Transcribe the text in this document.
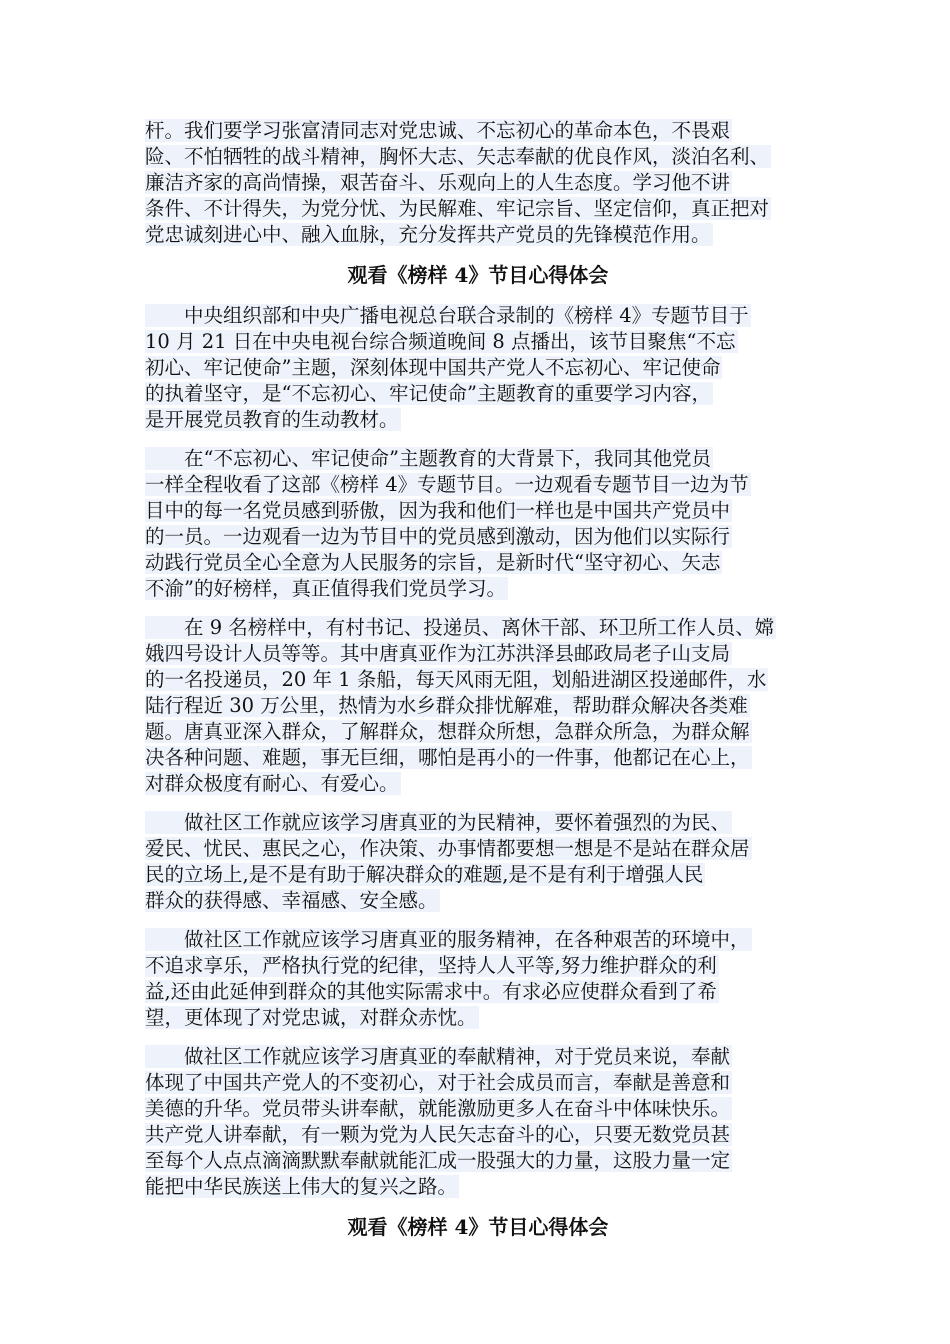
杆。我们要学习张富清同志对党忠诚、不忘初心的革命本色，不畏艰
险、不怕牺牲的战斗精神，胸怀大志、矢志奉献的优良作风，淡泊名利、
廉洁齐家的高尚情操，艰苦奋斗、乐观向上的人生态度。学习他不讲
条件、不计得失，为党分忧、为民解难、牢记宗旨、坚定信仰，真正把对
党忠诚刻进心中、融入血脉，充分发挥共产党员的先锋模范作用。
观看《榜样 4》节目心得体会
　　中央组织部和中央广播电视总台联合录制的《榜样 4》专题节目于
10 月 21 日在中央电视台综合频道晚间 8 点播出，该节目聚焦“不忘
初心、牢记使命”主题，深刻体现中国共产党人不忘初心、牢记使命
的执着坚守，是“不忘初心、牢记使命”主题教育的重要学习内容，
是开展党员教育的生动教材。
　　在“不忘初心、牢记使命”主题教育的大背景下，我同其他党员
一样全程收看了这部《榜样 4》专题节目。一边观看专题节目一边为节
目中的每一名党员感到骄傲，因为我和他们一样也是中国共产党员中
的一员。一边观看一边为节目中的党员感到激动，因为他们以实际行
动践行党员全心全意为人民服务的宗旨，是新时代“坚守初心、矢志
不渝”的好榜样，真正值得我们党员学习。
　　在 9 名榜样中，有村书记、投递员、离休干部、环卫所工作人员、嫦
娥四号设计人员等等。其中唐真亚作为江苏洪泽县邮政局老子山支局
的一名投递员，20 年 1 条船，每天风雨无阻，划船进湖区投递邮件，水
陆行程近 30 万公里，热情为水乡群众排忧解难，帮助群众解决各类难
题。唐真亚深入群众，了解群众，想群众所想，急群众所急，为群众解
决各种问题、难题，事无巨细，哪怕是再小的一件事，他都记在心上，
对群众极度有耐心、有爱心。
　　做社区工作就应该学习唐真亚的为民精神，要怀着强烈的为民、
爱民、忧民、惠民之心，作决策、办事情都要想一想是不是站在群众居
民的立场上,是不是有助于解决群众的难题,是不是有利于增强人民
群众的获得感、幸福感、安全感。
　　做社区工作就应该学习唐真亚的服务精神，在各种艰苦的环境中，
不追求享乐，严格执行党的纪律，坚持人人平等,努力维护群众的利
益,还由此延伸到群众的其他实际需求中。有求必应使群众看到了希
望，更体现了对党忠诚，对群众赤忱。
　　做社区工作就应该学习唐真亚的奉献精神，对于党员来说，奉献
体现了中国共产党人的不变初心，对于社会成员而言，奉献是善意和
美德的升华。党员带头讲奉献，就能激励更多人在奋斗中体味快乐。
共产党人讲奉献，有一颗为党为人民矢志奋斗的心，只要无数党员甚
至每个人点点滴滴默默奉献就能汇成一股强大的力量，这股力量一定
能把中华民族送上伟大的复兴之路。
观看《榜样 4》节目心得体会
